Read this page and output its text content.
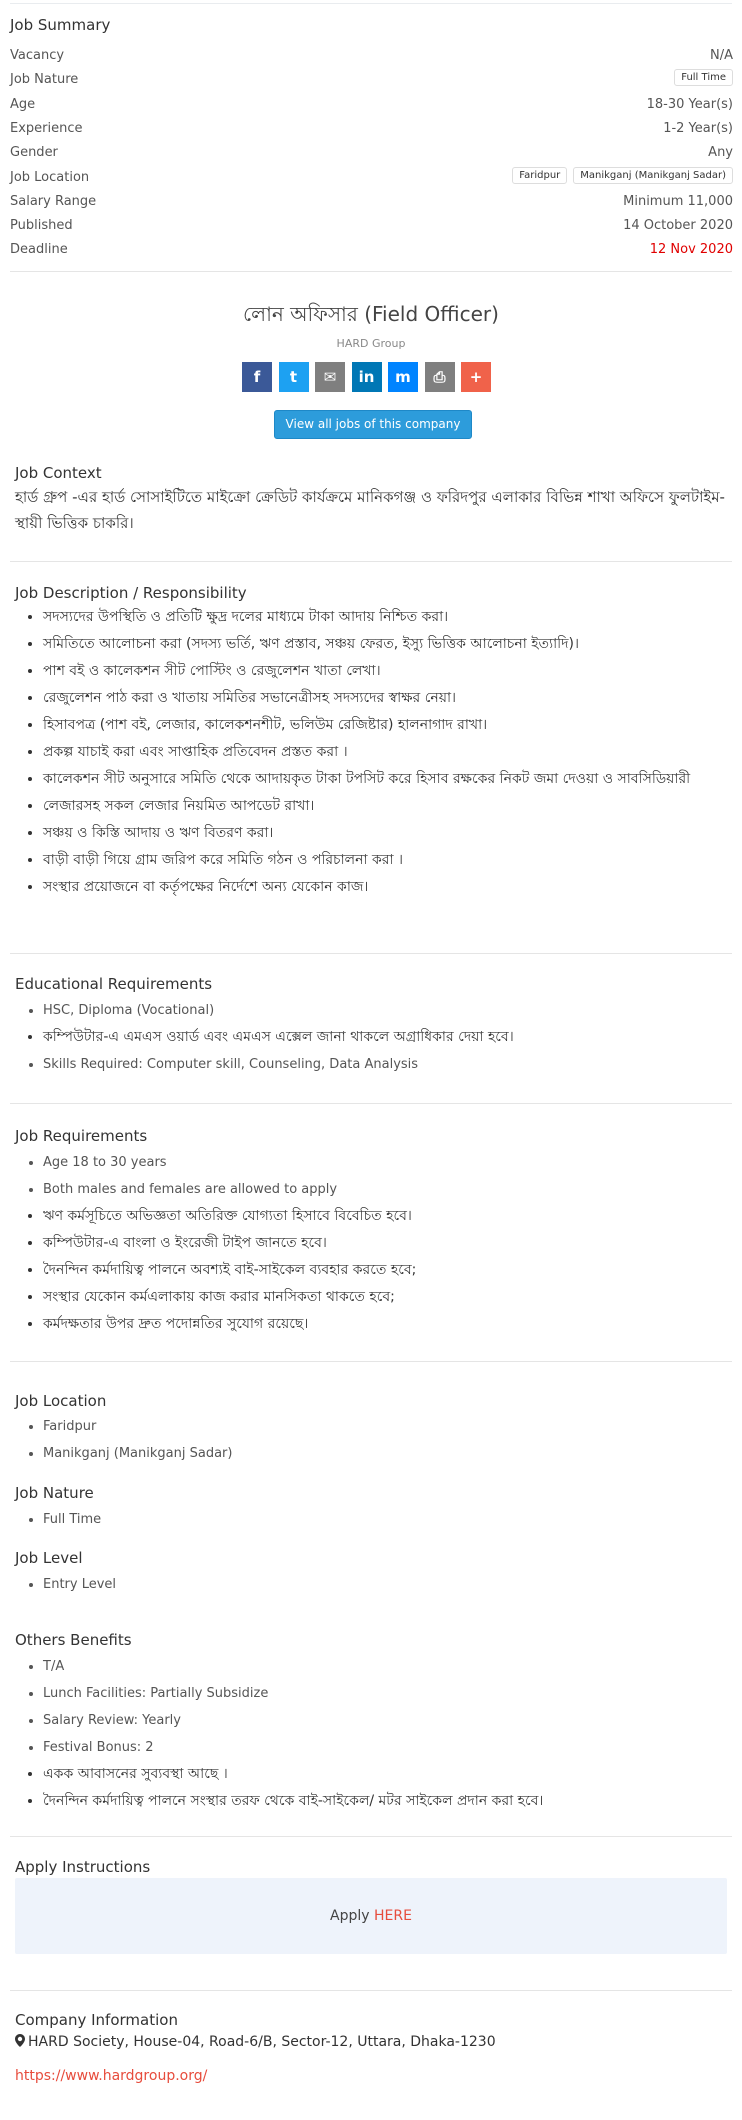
Job Summary
Vacancy	N/A
Job Nature	Full Time
Age	18-30 Year(s)
Experience	1-2 Year(s)
Gender	Any
Job Location	Faridpur Manikganj (Manikganj Sadar)
Salary Range	Minimum 11,000
Published	14 October 2020
Deadline	12 Nov 2020
লোন অফিসার (Field Officer)
HARD Group
f	t	✉	in	m	⎙	+
View all jobs of this company
Job Context
হার্ড গ্রুপ -এর হার্ড সোসাইটিতে মাইক্রো ক্রেডিট কার্যক্রমে মানিকগঞ্জ ও ফরিদপুর এলাকার বিভিন্ন শাখা অফিসে ফুলটাইম- স্থায়ী ভিত্তিক চাকরি।
Job Description / Responsibility
• সদস্যদের উপস্থিতি ও প্রতিটি ক্ষুদ্র দলের মাধ্যমে টাকা আদায় নিশ্চিত করা।
• সমিতিতে আলোচনা করা (সদস্য ভর্তি, ঋণ প্রস্তাব, সঞ্চয় ফেরত, ইস্যু ভিত্তিক আলোচনা ইত্যাদি)।
• পাশ বই ও কালেকশন সীট পোস্টিং ও রেজুলেশন খাতা লেখা।
• রেজুলেশন পাঠ করা ও খাতায় সমিতির সভানেত্রীসহ সদস্যদের স্বাক্ষর নেয়া।
• হিসাবপত্র (পাশ বই, লেজার, কালেকশনশীট, ভলিউম রেজিষ্টার) হালনাগাদ রাখা।
• প্রকল্প যাচাই করা এবং সাপ্তাহিক প্রতিবেদন প্রস্তত করা ।
• কালেকশন সীট অনুসারে সমিতি থেকে আদায়কৃত টাকা টপসিট করে হিসাব রক্ষকের নিকট জমা দেওয়া ও সাবসিডিয়ারী
• লেজারসহ সকল লেজার নিয়মিত আপডেট রাখা।
• সঞ্চয় ও কিস্তি আদায় ও ঋণ বিতরণ করা।
• বাড়ী বাড়ী গিয়ে গ্রাম জরিপ করে সমিতি গঠন ও পরিচালনা করা ।
• সংস্থার প্রয়োজনে বা কর্তৃপক্ষের নির্দেশে অন্য যেকোন কাজ।
Educational Requirements
• HSC, Diploma (Vocational)
• কম্পিউটার-এ এমএস ওয়ার্ড এবং এমএস এক্সেল জানা থাকলে অগ্রাধিকার দেয়া হবে।
• Skills Required: Computer skill, Counseling, Data Analysis
Job Requirements
• Age 18 to 30 years
• Both males and females are allowed to apply
• ঋণ কর্মসূচিতে অভিজ্ঞতা অতিরিক্ত যোগ্যতা হিসাবে বিবেচিত হবে।
• কম্পিউটার-এ বাংলা ও ইংরেজী টাইপ জানতে হবে।
• দৈনন্দিন কর্মদায়িত্ব পালনে অবশ্যই বাই-সাইকেল ব্যবহার করতে হবে;
• সংস্থার যেকোন কর্মএলাকায় কাজ করার মানসিকতা থাকতে হবে;
• কর্মদক্ষতার উপর দ্রুত পদোন্নতির সুযোগ রয়েছে।
Job Location
• Faridpur
• Manikganj (Manikganj Sadar)
Job Nature
• Full Time
Job Level
• Entry Level
Others Benefits
• T/A
• Lunch Facilities: Partially Subsidize
• Salary Review: Yearly
• Festival Bonus: 2
• একক আবাসনের সুব্যবস্থা আছে ।
• দৈনন্দিন কর্মদায়িত্ব পালনে সংস্থার তরফ থেকে বাই-সাইকেল/ মটর সাইকেল প্রদান করা হবে।
Apply Instructions
Apply HERE
Company Information
HARD Society, House-04, Road-6/B, Sector-12, Uttara, Dhaka-1230
https://www.hardgroup.org/
